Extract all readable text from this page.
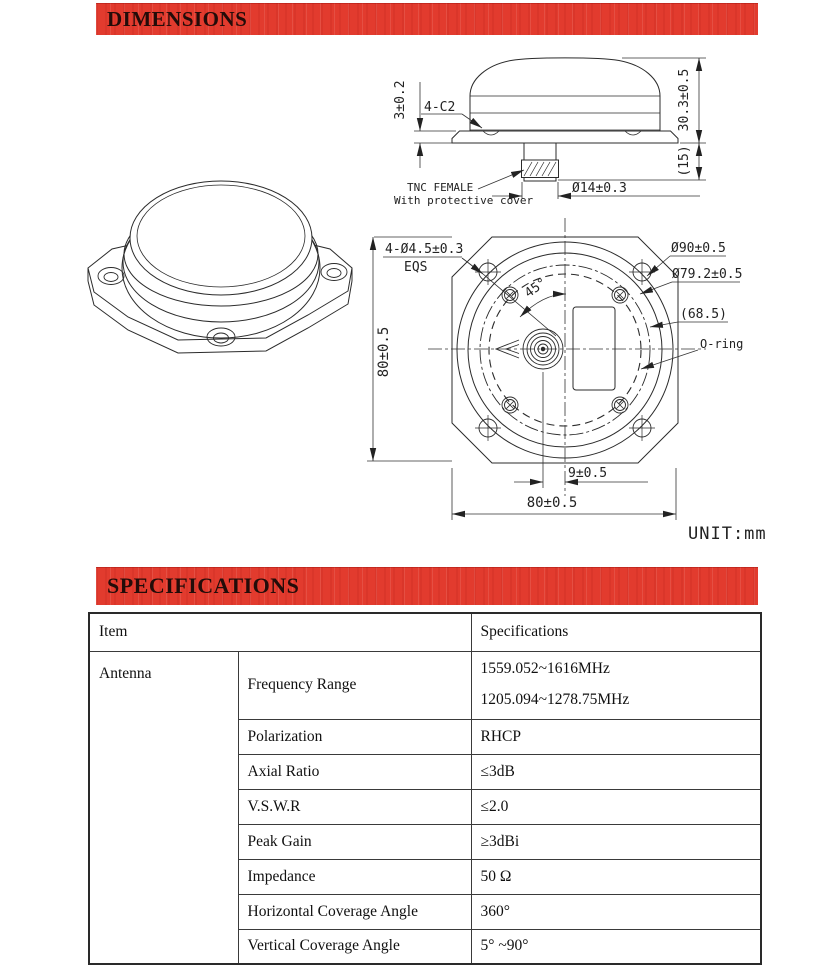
DIMENSIONS
30.3±0.5
(15)
3±0.2 4-C2
TNC FEMALE
With protective cover
Ø14±0.3
4-Ø4.5±0.3
EQS
45°
Ø90±0.5
Ø79.2±0.5
(68.5)
O-ring
9±0.5
80±0.5
80±0.5
UNIT:mm
SPECIFICATIONS
Item		Specifications
Antenna	Frequency Range	1559.052~1616MHz
1205.094~1278.75MHz

	Polarization	RHCP
	Axial Ratio	≤3dB
	V.S.W.R	≤2.0
	Peak Gain	≥3dBi
	Impedance	50 Ω
	Horizontal Coverage Angle	360°
	Vertical Coverage Angle	5° ~90°
